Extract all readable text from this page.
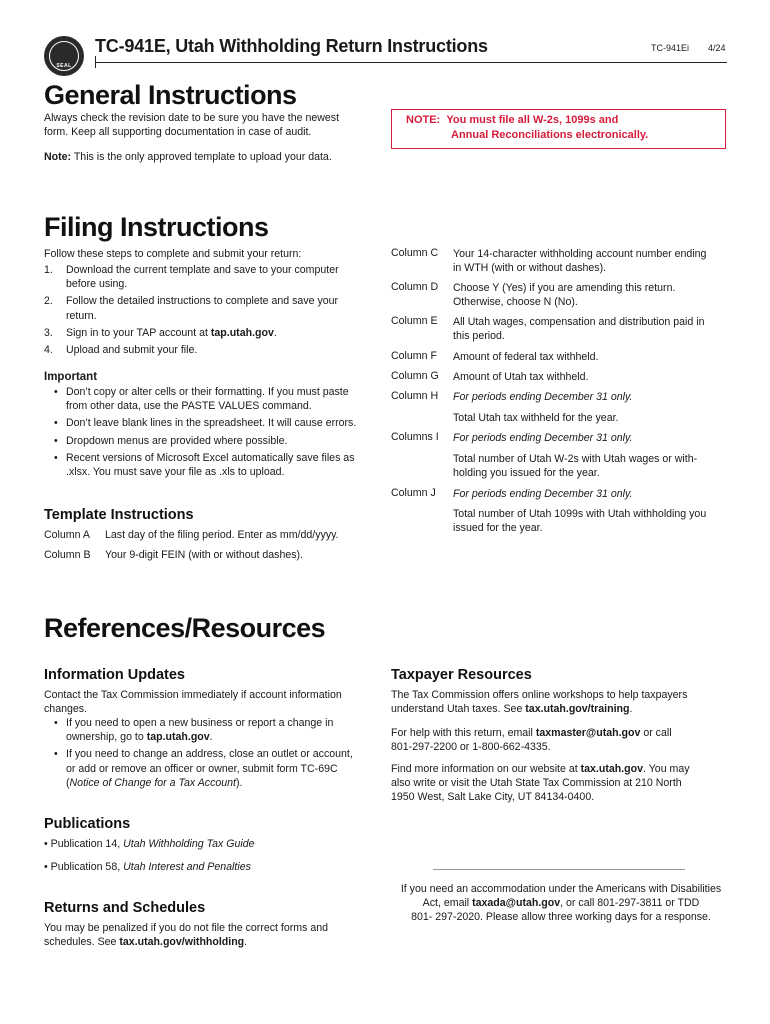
SEAL
TC-941E, Utah Withholding Return Instructions	TC-941Ei 4/24
General Instructions
Always check the revision date to be sure you have the newest
form. Keep all supporting documentation in case of audit.
Note: This is the only approved template to upload your data.
NOTE: You must file all W-2s, 1099s and
Annual Reconciliations electronically.
Filing Instructions
Follow these steps to complete and submit your return:
1. Download the current template and save to your computer
before using.
2. Follow the detailed instructions to complete and save your
return.
3. Sign in to your TAP account at tap.utah.gov.
4. Upload and submit your file.
Important
• Don’t copy or alter cells or their formatting. If you must paste
from other data, use the PASTE VALUES command.
• Don’t leave blank lines in the spreadsheet. It will cause errors.
• Dropdown menus are provided where possible.
• Recent versions of Microsoft Excel automatically save files as
.xlsx. You must save your file as .xls to upload.
Template Instructions
Column A Last day of the filing period. Enter as mm/dd/yyyy.
Column B Your 9-digit FEIN (with or without dashes).
Column C Your 14-character withholding account number ending
in WTH (with or without dashes).
Column D Choose Y (Yes) if you are amending this return.
Otherwise, choose N (No).
Column E All Utah wages, compensation and distribution paid in
this period.
Column F Amount of federal tax withheld.
Column G Amount of Utah tax withheld.
Column H For periods ending December 31 only.
Total Utah tax withheld for the year.
Columns I For periods ending December 31 only.
Total number of Utah W-2s with Utah wages or with-
holding you issued for the year.
Column J For periods ending December 31 only.
Total number of Utah 1099s with Utah withholding you
issued for the year.
References/Resources
Information Updates
Contact the Tax Commission immediately if account information
changes.
• If you need to open a new business or report a change in
ownership, go to tap.utah.gov.
• If you need to change an address, close an outlet or account,
or add or remove an officer or owner, submit form TC-69C
(Notice of Change for a Tax Account).
Publications
• Publication 14, Utah Withholding Tax Guide
• Publication 58, Utah Interest and Penalties
Returns and Schedules
You may be penalized if you do not file the correct forms and
schedules. See tax.utah.gov/withholding.
Taxpayer Resources
The Tax Commission offers online workshops to help taxpayers
understand Utah taxes. See tax.utah.gov/training.
For help with this return, email taxmaster@utah.gov or call
801-297-2200 or 1-800-662-4335.
Find more information on our website at tax.utah.gov. You may
also write or visit the Utah State Tax Commission at 210 North
1950 West, Salt Lake City, UT 84134-0400.
If you need an accommodation under the Americans with Disabilities
Act, email taxada@utah.gov, or call 801-297-3811 or TDD
801- 297-2020. Please allow three working days for a response.
